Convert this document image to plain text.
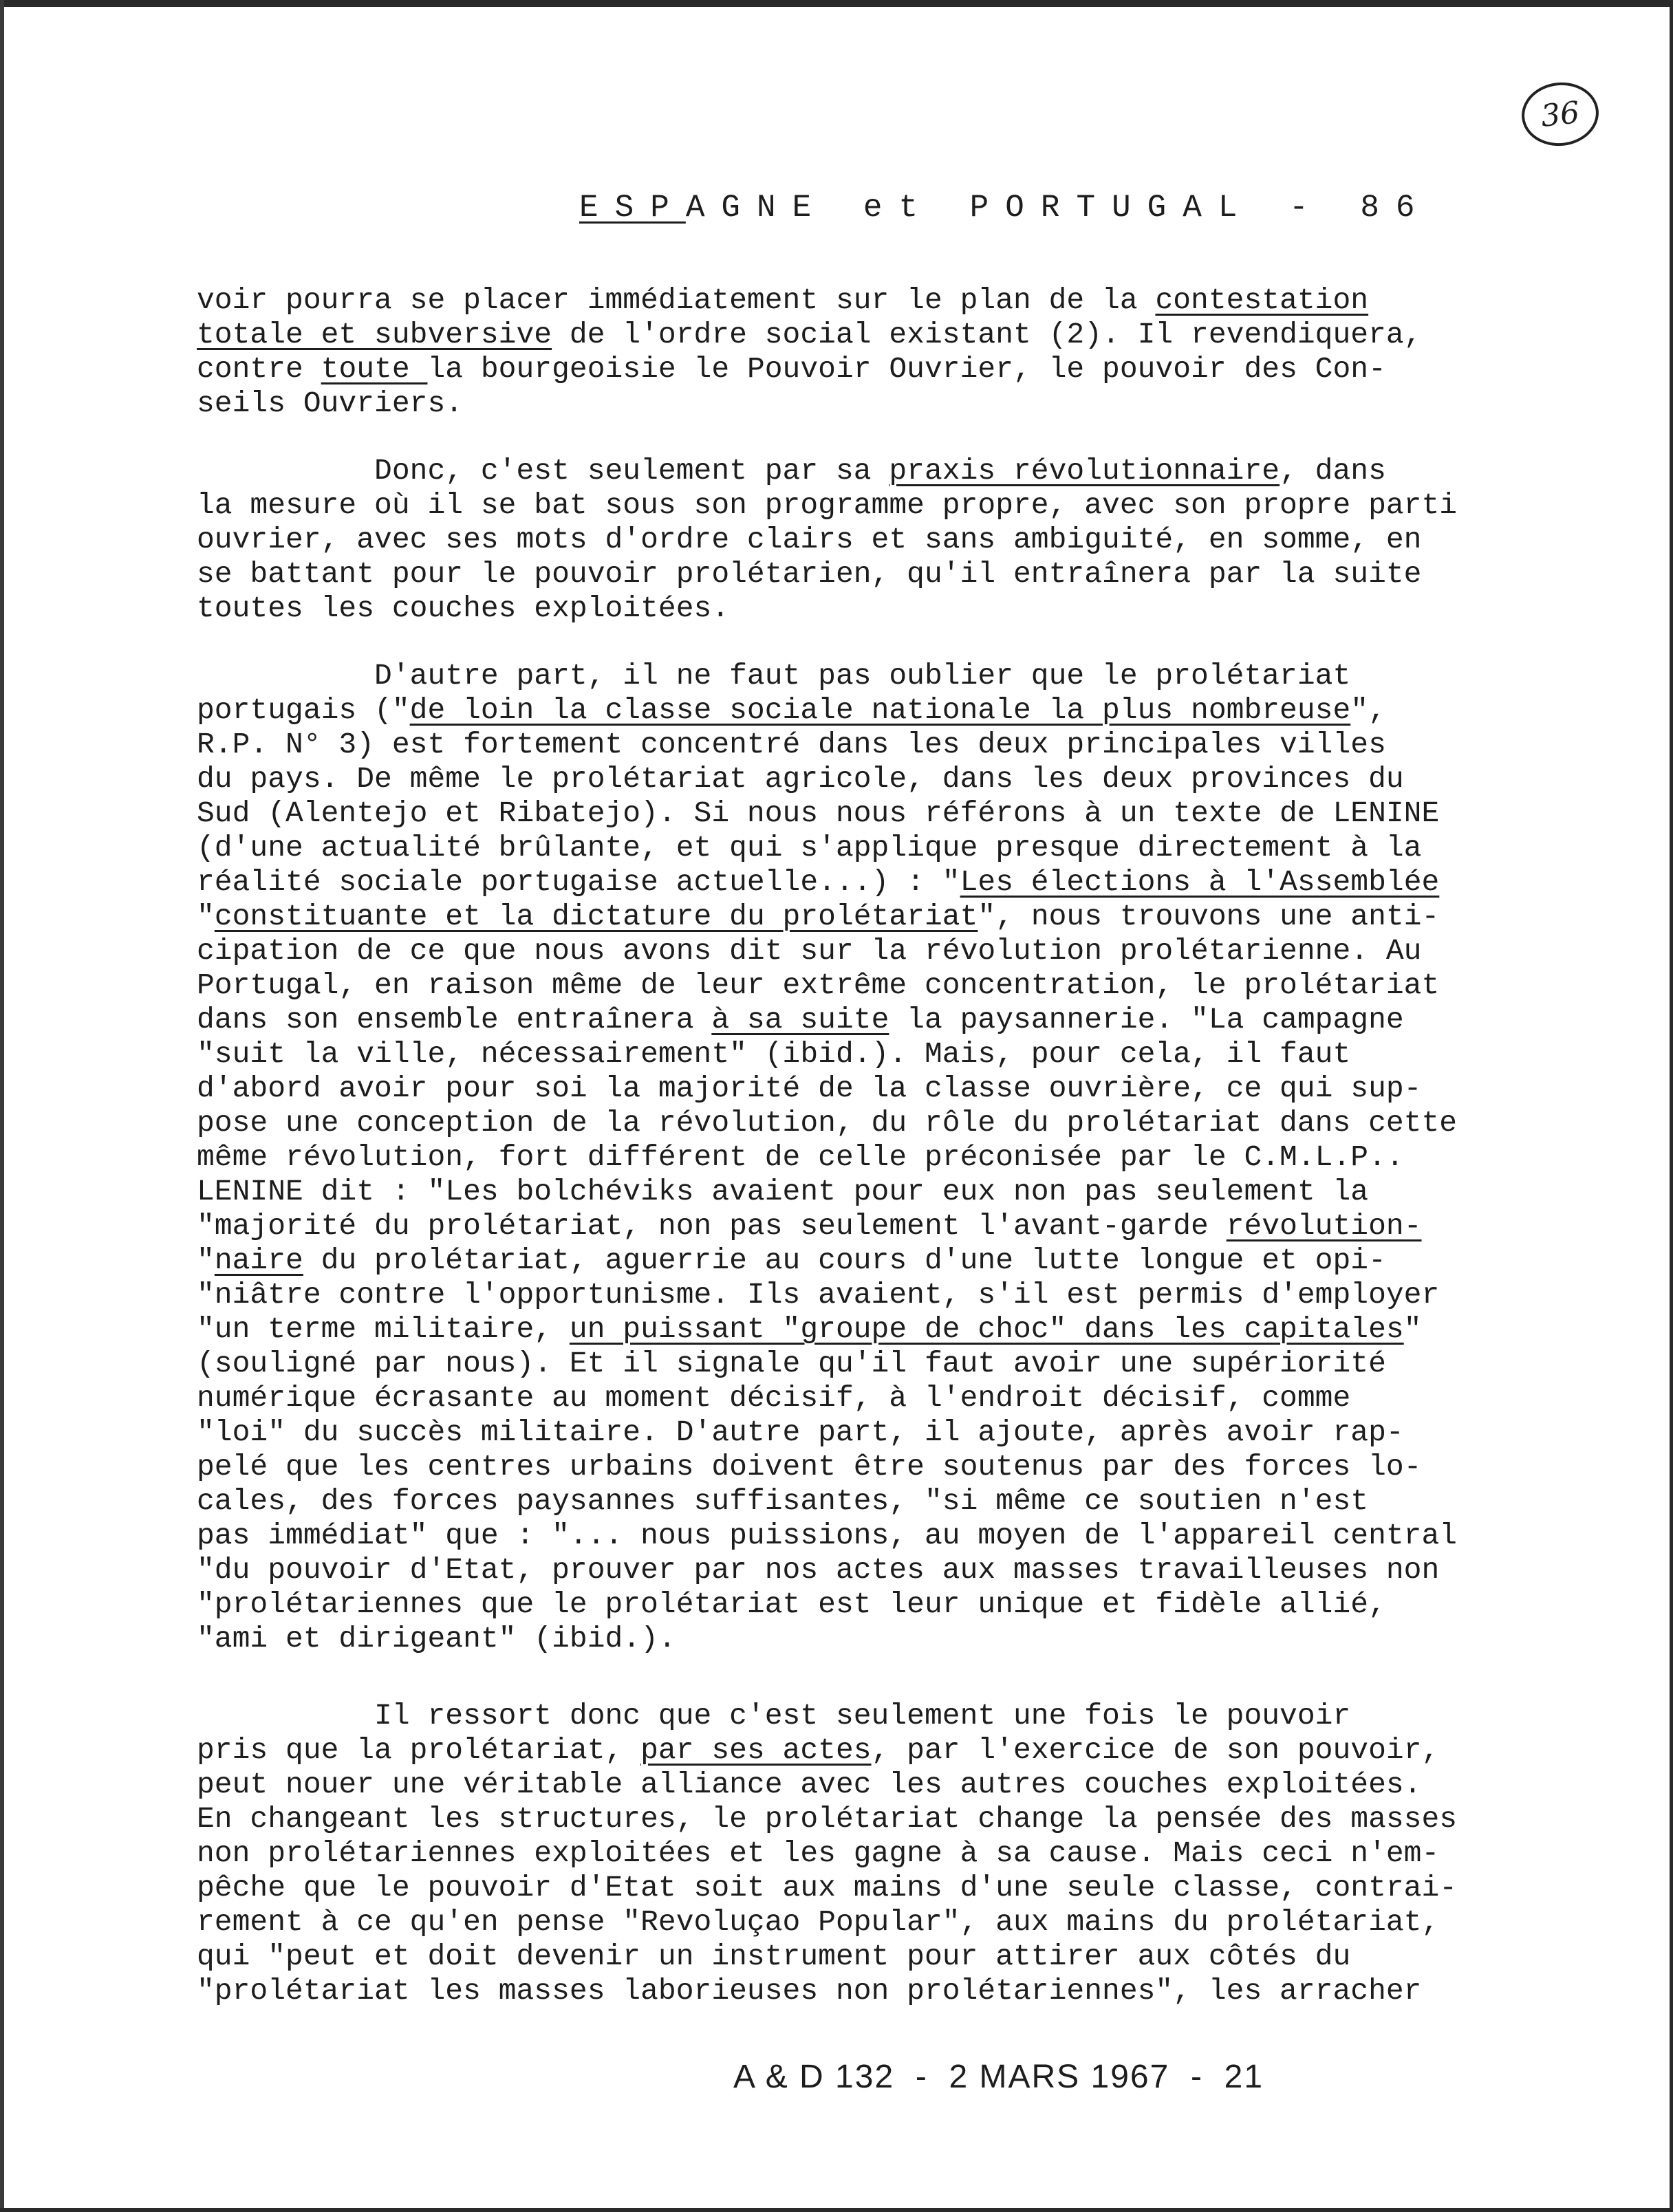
36
ESPAGNE et PORTUGAL - 86
voir pourra se placer immédiatement sur le plan de la contestation
totale et subversive de l'ordre social existant (2). Il revendiquera,
contre toute la bourgeoisie le Pouvoir Ouvrier, le pouvoir des Con-
seils Ouvriers.
Donc, c'est seulement par sa praxis révolutionnaire, dans
la mesure où il se bat sous son programme propre, avec son propre parti
ouvrier, avec ses mots d'ordre clairs et sans ambiguité, en somme, en
se battant pour le pouvoir prolétarien, qu'il entraînera par la suite
toutes les couches exploitées.
D'autre part, il ne faut pas oublier que le prolétariat
portugais ("de loin la classe sociale nationale la plus nombreuse",
R.P. N° 3) est fortement concentré dans les deux principales villes
du pays. De même le prolétariat agricole, dans les deux provinces du
Sud (Alentejo et Ribatejo). Si nous nous référons à un texte de LENINE
(d'une actualité brûlante, et qui s'applique presque directement à la
réalité sociale portugaise actuelle...) : "Les élections à l'Assemblée
"constituante et la dictature du prolétariat", nous trouvons une anti-
cipation de ce que nous avons dit sur la révolution prolétarienne. Au
Portugal, en raison même de leur extrême concentration, le prolétariat
dans son ensemble entraînera à sa suite la paysannerie. "La campagne
"suit la ville, nécessairement" (ibid.). Mais, pour cela, il faut
d'abord avoir pour soi la majorité de la classe ouvrière, ce qui sup-
pose une conception de la révolution, du rôle du prolétariat dans cette
même révolution, fort différent de celle préconisée par le C.M.L.P..
LENINE dit : "Les bolchéviks avaient pour eux non pas seulement la
"majorité du prolétariat, non pas seulement l'avant-garde révolution-
"naire du prolétariat, aguerrie au cours d'une lutte longue et opi-
"niâtre contre l'opportunisme. Ils avaient, s'il est permis d'employer
"un terme militaire, un puissant "groupe de choc" dans les capitales"
(souligné par nous). Et il signale qu'il faut avoir une supériorité
numérique écrasante au moment décisif, à l'endroit décisif, comme
"loi" du succès militaire. D'autre part, il ajoute, après avoir rap-
pelé que les centres urbains doivent être soutenus par des forces lo-
cales, des forces paysannes suffisantes, "si même ce soutien n'est
pas immédiat" que : "... nous puissions, au moyen de l'appareil central
"du pouvoir d'Etat, prouver par nos actes aux masses travailleuses non
"prolétariennes que le prolétariat est leur unique et fidèle allié,
"ami et dirigeant" (ibid.).
Il ressort donc que c'est seulement une fois le pouvoir
pris que la prolétariat, par ses actes, par l'exercice de son pouvoir,
peut nouer une véritable alliance avec les autres couches exploitées.
En changeant les structures, le prolétariat change la pensée des masses
non prolétariennes exploitées et les gagne à sa cause. Mais ceci n'em-
pêche que le pouvoir d'Etat soit aux mains d'une seule classe, contrai-
rement à ce qu'en pense "Revoluçao Popular", aux mains du prolétariat,
qui "peut et doit devenir un instrument pour attirer aux côtés du
"prolétariat les masses laborieuses non prolétariennes", les arracher
A & D 132  -  2 MARS 1967  -  21
